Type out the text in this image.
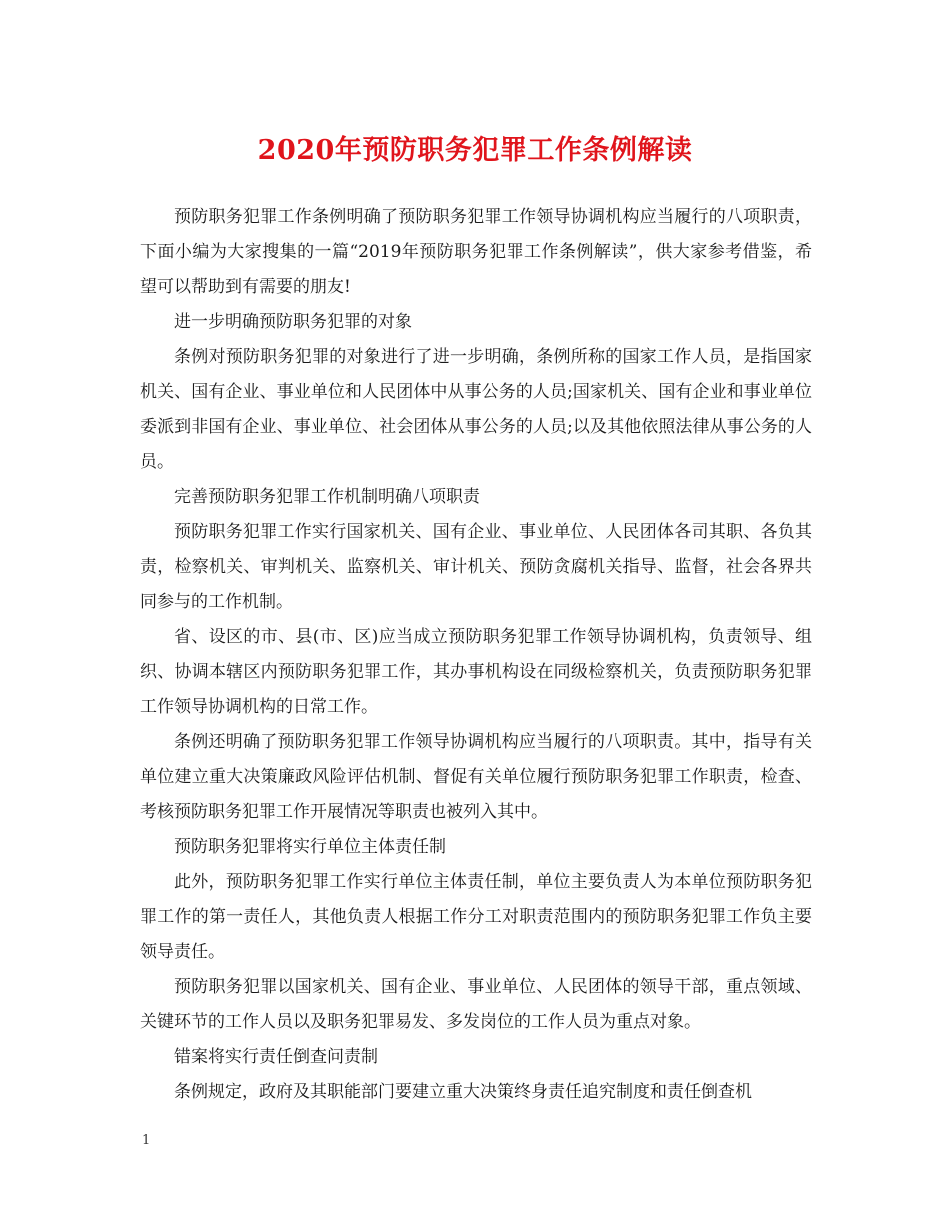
2020年预防职务犯罪工作条例解读

预防职务犯罪工作条例明确了预防职务犯罪工作领导协调机构应当履行的八项职责，下面小编为大家搜集的一篇“2019年预防职务犯罪工作条例解读”，供大家参考借鉴，希望可以帮助到有需要的朋友!

进一步明确预防职务犯罪的对象

条例对预防职务犯罪的对象进行了进一步明确，条例所称的国家工作人员，是指国家机关、国有企业、事业单位和人民团体中从事公务的人员;国家机关、国有企业和事业单位委派到非国有企业、事业单位、社会团体从事公务的人员;以及其他依照法律从事公务的人员。

完善预防职务犯罪工作机制明确八项职责

预防职务犯罪工作实行国家机关、国有企业、事业单位、人民团体各司其职、各负其责，检察机关、审判机关、监察机关、审计机关、预防贪腐机关指导、监督，社会各界共同参与的工作机制。

省、设区的市、县(市、区)应当成立预防职务犯罪工作领导协调机构，负责领导、组织、协调本辖区内预防职务犯罪工作，其办事机构设在同级检察机关，负责预防职务犯罪工作领导协调机构的日常工作。

条例还明确了预防职务犯罪工作领导协调机构应当履行的八项职责。其中，指导有关单位建立重大决策廉政风险评估机制、督促有关单位履行预防职务犯罪工作职责，检查、考核预防职务犯罪工作开展情况等职责也被列入其中。

预防职务犯罪将实行单位主体责任制

此外，预防职务犯罪工作实行单位主体责任制，单位主要负责人为本单位预防职务犯罪工作的第一责任人，其他负责人根据工作分工对职责范围内的预防职务犯罪工作负主要领导责任。

预防职务犯罪以国家机关、国有企业、事业单位、人民团体的领导干部，重点领域、关键环节的工作人员以及职务犯罪易发、多发岗位的工作人员为重点对象。

错案将实行责任倒查问责制

条例规定，政府及其职能部门要建立重大决策终身责任追究制度和责任倒查机

1
